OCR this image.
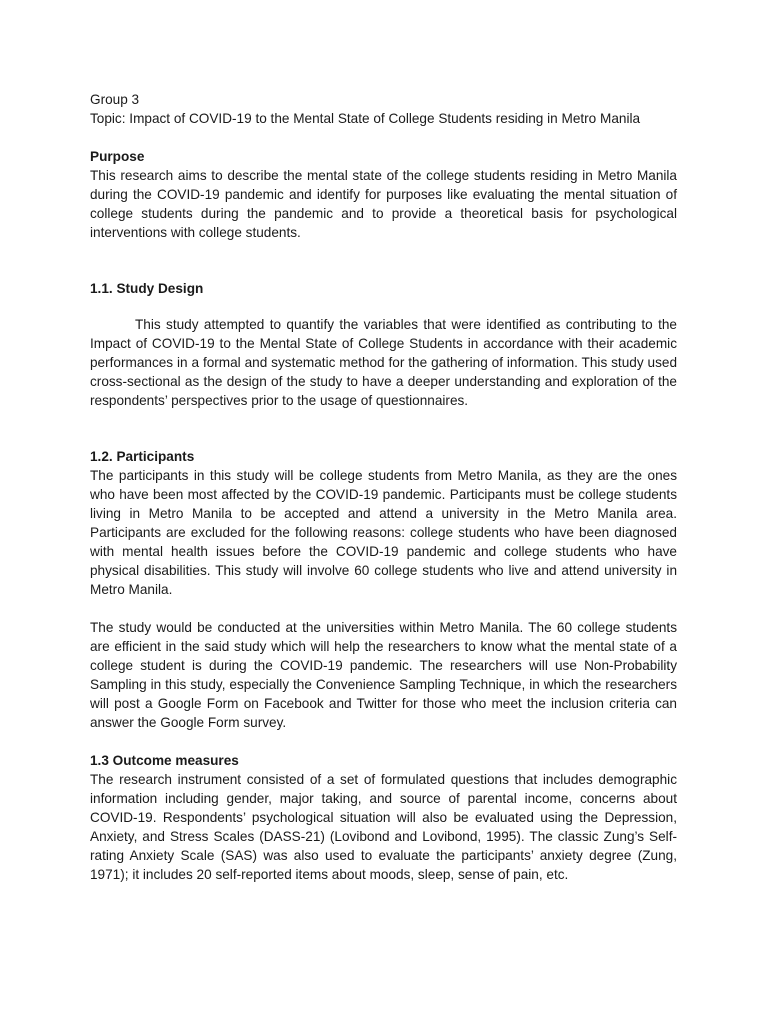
Group 3
Topic: Impact of COVID-19 to the Mental State of College Students residing in Metro Manila
Purpose

This research aims to describe the mental state of the college students residing in Metro Manila during the COVID-19 pandemic and identify for purposes like evaluating the mental situation of college students during the pandemic and to provide a theoretical basis for psychological interventions with college students.

1.1. Study Design

This study attempted to quantify the variables that were identified as contributing to the Impact of COVID-19 to the Mental State of College Students in accordance with their academic performances in a formal and systematic method for the gathering of information. This study used cross-sectional as the design of the study to have a deeper understanding and exploration of the respondents’ perspectives prior to the usage of questionnaires.

1.2. Participants

The participants in this study will be college students from Metro Manila, as they are the ones who have been most affected by the COVID-19 pandemic. Participants must be college students living in Metro Manila to be accepted and attend a university in the Metro Manila area. Participants are excluded for the following reasons: college students who have been diagnosed with mental health issues before the COVID-19 pandemic and college students who have physical disabilities. This study will involve 60 college students who live and attend university in Metro Manila.

The study would be conducted at the universities within Metro Manila. The 60 college students are efficient in the said study which will help the researchers to know what the mental state of a college student is during the COVID-19 pandemic. The researchers will use Non-Probability Sampling in this study, especially the Convenience Sampling Technique, in which the researchers will post a Google Form on Facebook and Twitter for those who meet the inclusion criteria can answer the Google Form survey.

1.3 Outcome measures

The research instrument consisted of a set of formulated questions that includes demographic information including gender, major taking, and source of parental income, concerns about COVID-19. Respondents’ psychological situation will also be evaluated using the Depression, Anxiety, and Stress Scales (DASS-21) (Lovibond and Lovibond, 1995). The classic Zung’s Self-rating Anxiety Scale (SAS) was also used to evaluate the participants’ anxiety degree (Zung, 1971); it includes 20 self-reported items about moods, sleep, sense of pain, etc.
